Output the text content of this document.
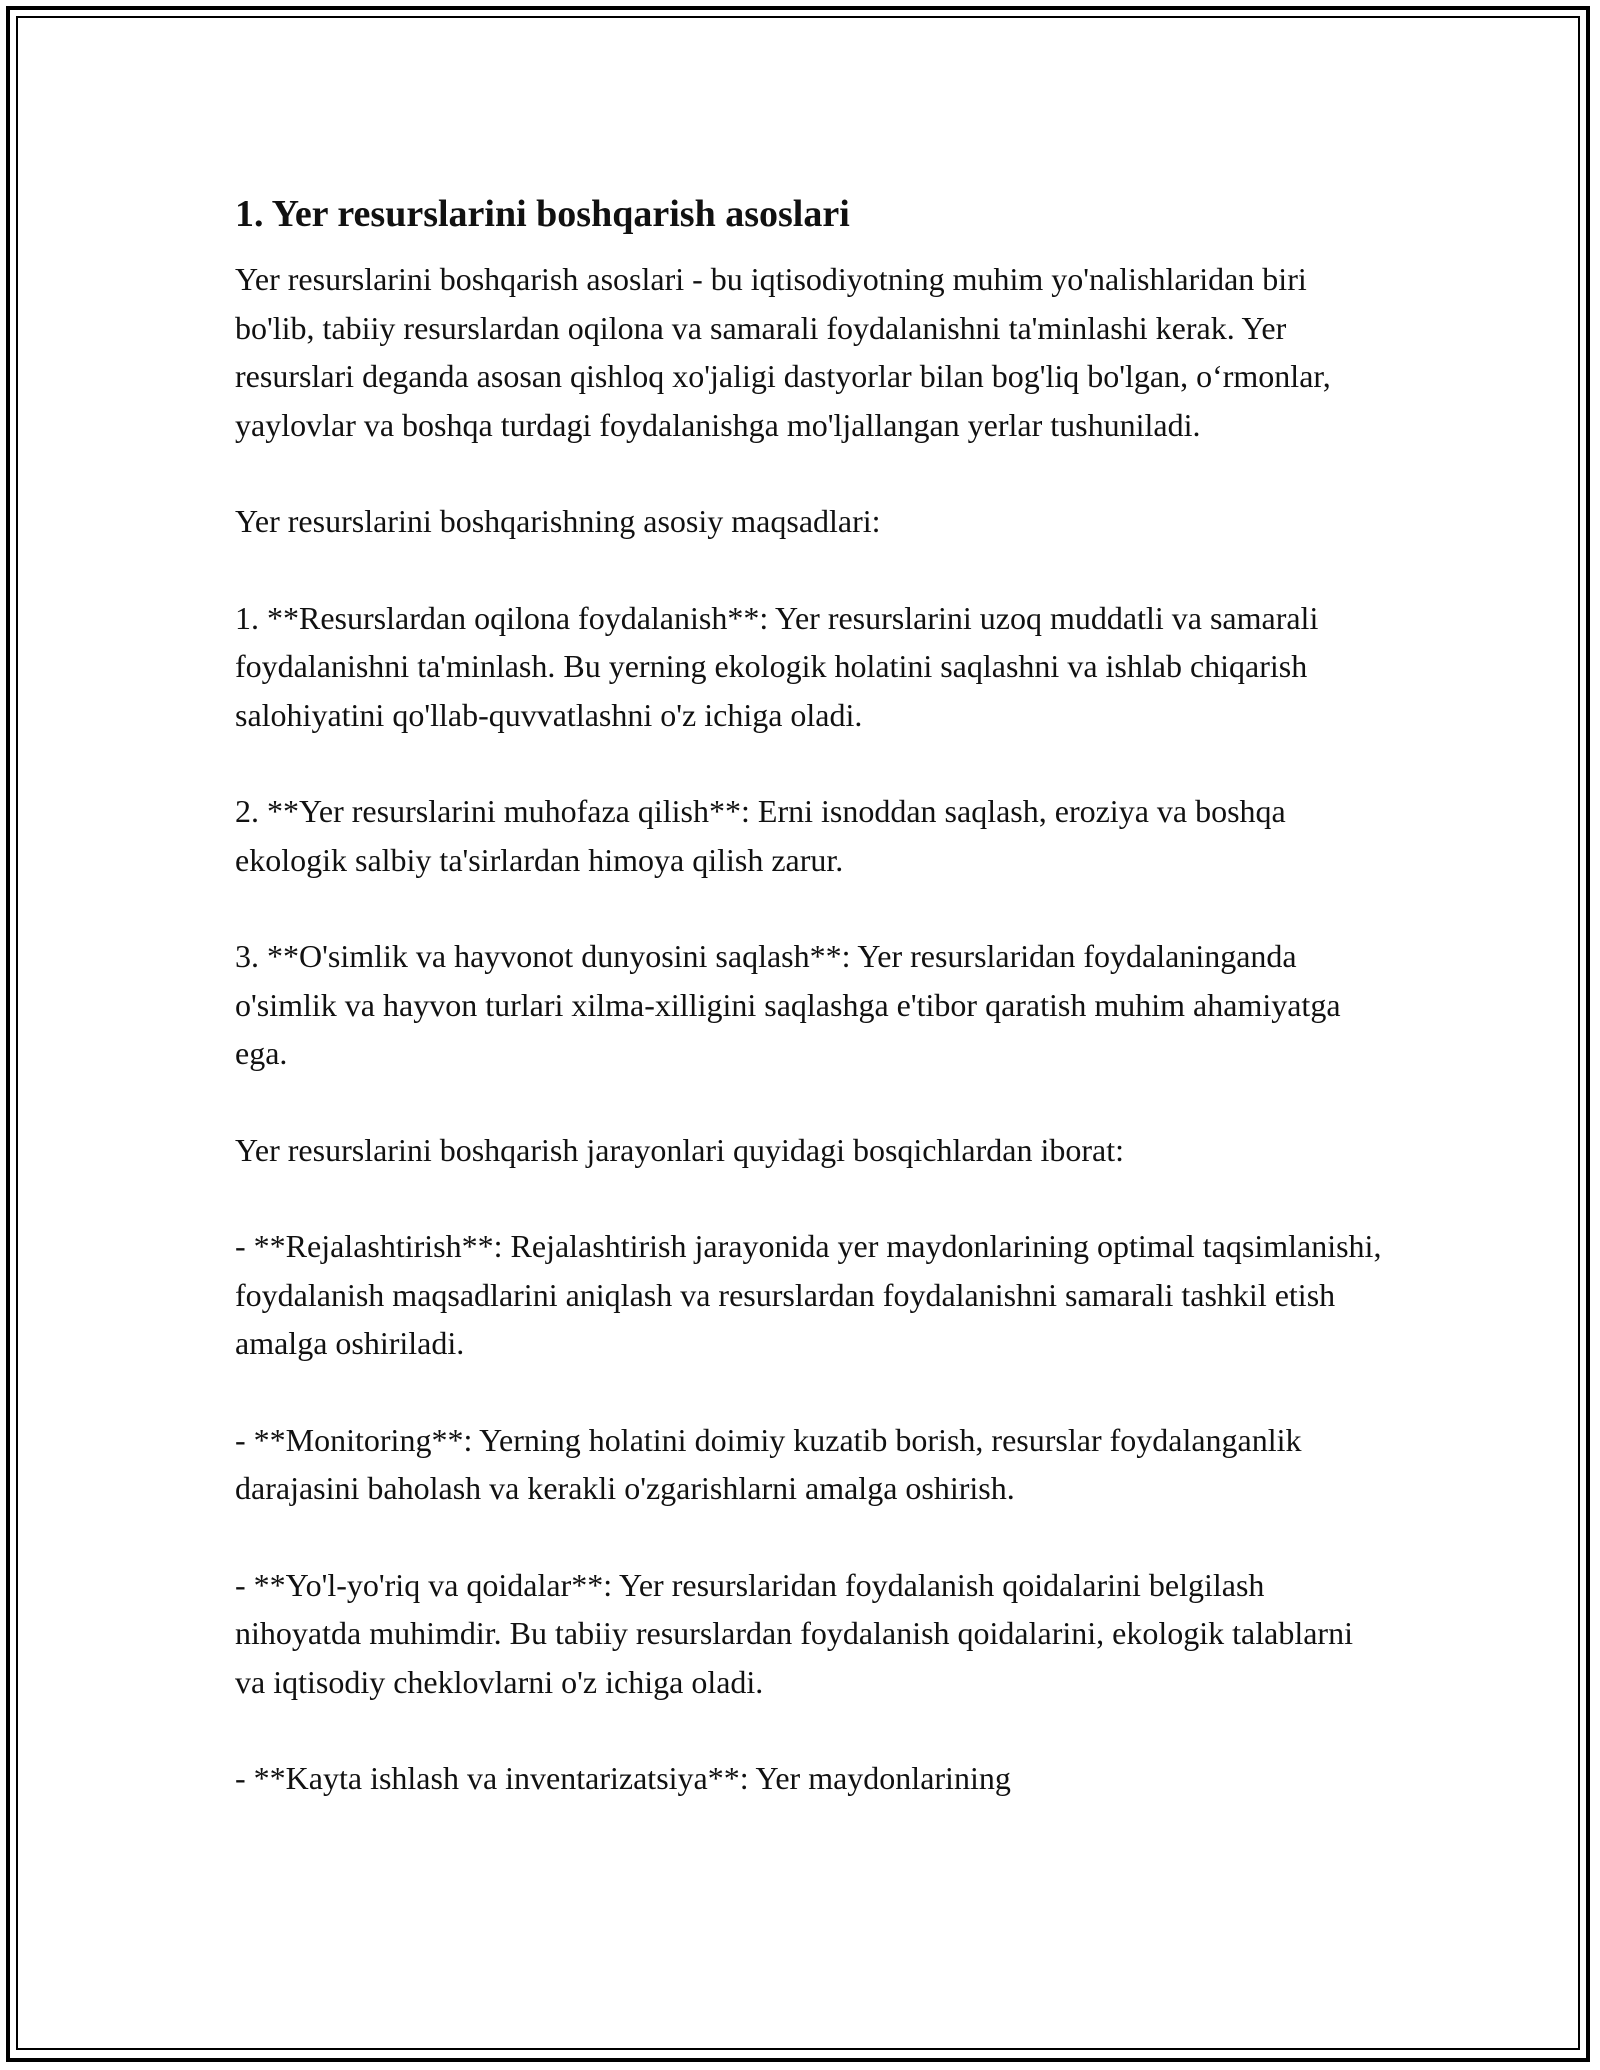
1. Yer resurslarini boshqarish asoslari

Yer resurslarini boshqarish asoslari - bu iqtisodiyotning muhim yo'nalishlaridan biri bo'lib, tabiiy resurslardan oqilona va samarali foydalanishni ta'minlashi kerak. Yer resurslari deganda asosan qishloq xo'jaligi dastyorlar bilan bog'liq bo'lgan, o‘rmonlar, yaylovlar va boshqa turdagi foydalanishga mo'ljallangan yerlar tushuniladi.

Yer resurslarini boshqarishning asosiy maqsadlari:

1. **Resurslardan oqilona foydalanish**: Yer resurslarini uzoq muddatli va samarali foydalanishni ta'minlash. Bu yerning ekologik holatini saqlashni va ishlab chiqarish salohiyatini qo'llab-quvvatlashni o'z ichiga oladi.

2. **Yer resurslarini muhofaza qilish**: Erni isnoddan saqlash, eroziya va boshqa ekologik salbiy ta'sirlardan himoya qilish zarur.

3. **O'simlik va hayvonot dunyosini saqlash**: Yer resurslaridan foydalaninganda o'simlik va hayvon turlari xilma-xilligini saqlashga e'tibor qaratish muhim ahamiyatga ega.

Yer resurslarini boshqarish jarayonlari quyidagi bosqichlardan iborat:

- **Rejalashtirish**: Rejalashtirish jarayonida yer maydonlarining optimal taqsimlanishi, foydalanish maqsadlarini aniqlash va resurslardan foydalanishni samarali tashkil etish amalga oshiriladi.

- **Monitoring**: Yerning holatini doimiy kuzatib borish, resurslar foydalanganlik darajasini baholash va kerakli o'zgarishlarni amalga oshirish.

- **Yo'l-yo'riq va qoidalar**: Yer resurslaridan foydalanish qoidalarini belgilash nihoyatda muhimdir. Bu tabiiy resurslardan foydalanish qoidalarini, ekologik talablarni va iqtisodiy cheklovlarni o'z ichiga oladi.

- **Kayta ishlash va inventarizatsiya**: Yer maydonlarining
